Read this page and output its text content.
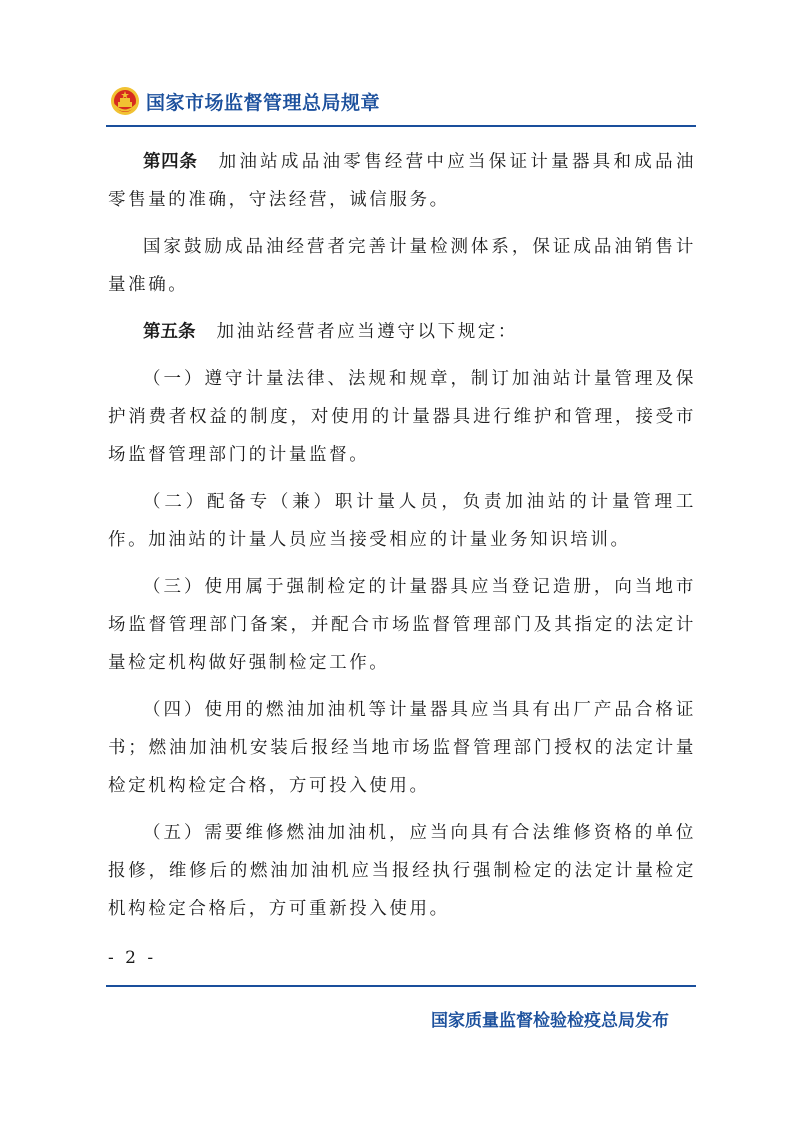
国家市场监督管理总局规章

第四条 加油站成品油零售经营中应当保证计量器具和成品油零售量的准确，守法经营，诚信服务。

国家鼓励成品油经营者完善计量检测体系，保证成品油销售计量准确。

第五条 加油站经营者应当遵守以下规定：

（一）遵守计量法律、法规和规章，制订加油站计量管理及保护消费者权益的制度，对使用的计量器具进行维护和管理，接受市场监督管理部门的计量监督。

（二）配备专（兼）职计量人员，负责加油站的计量管理工作。加油站的计量人员应当接受相应的计量业务知识培训。

（三）使用属于强制检定的计量器具应当登记造册，向当地市场监督管理部门备案，并配合市场监督管理部门及其指定的法定计量检定机构做好强制检定工作。

（四）使用的燃油加油机等计量器具应当具有出厂产品合格证书；燃油加油机安装后报经当地市场监督管理部门授权的法定计量检定机构检定合格，方可投入使用。

（五）需要维修燃油加油机，应当向具有合法维修资格的单位报修，维修后的燃油加油机应当报经执行强制检定的法定计量检定机构检定合格后，方可重新投入使用。

- 2 -
国家质量监督检验检疫总局发布
